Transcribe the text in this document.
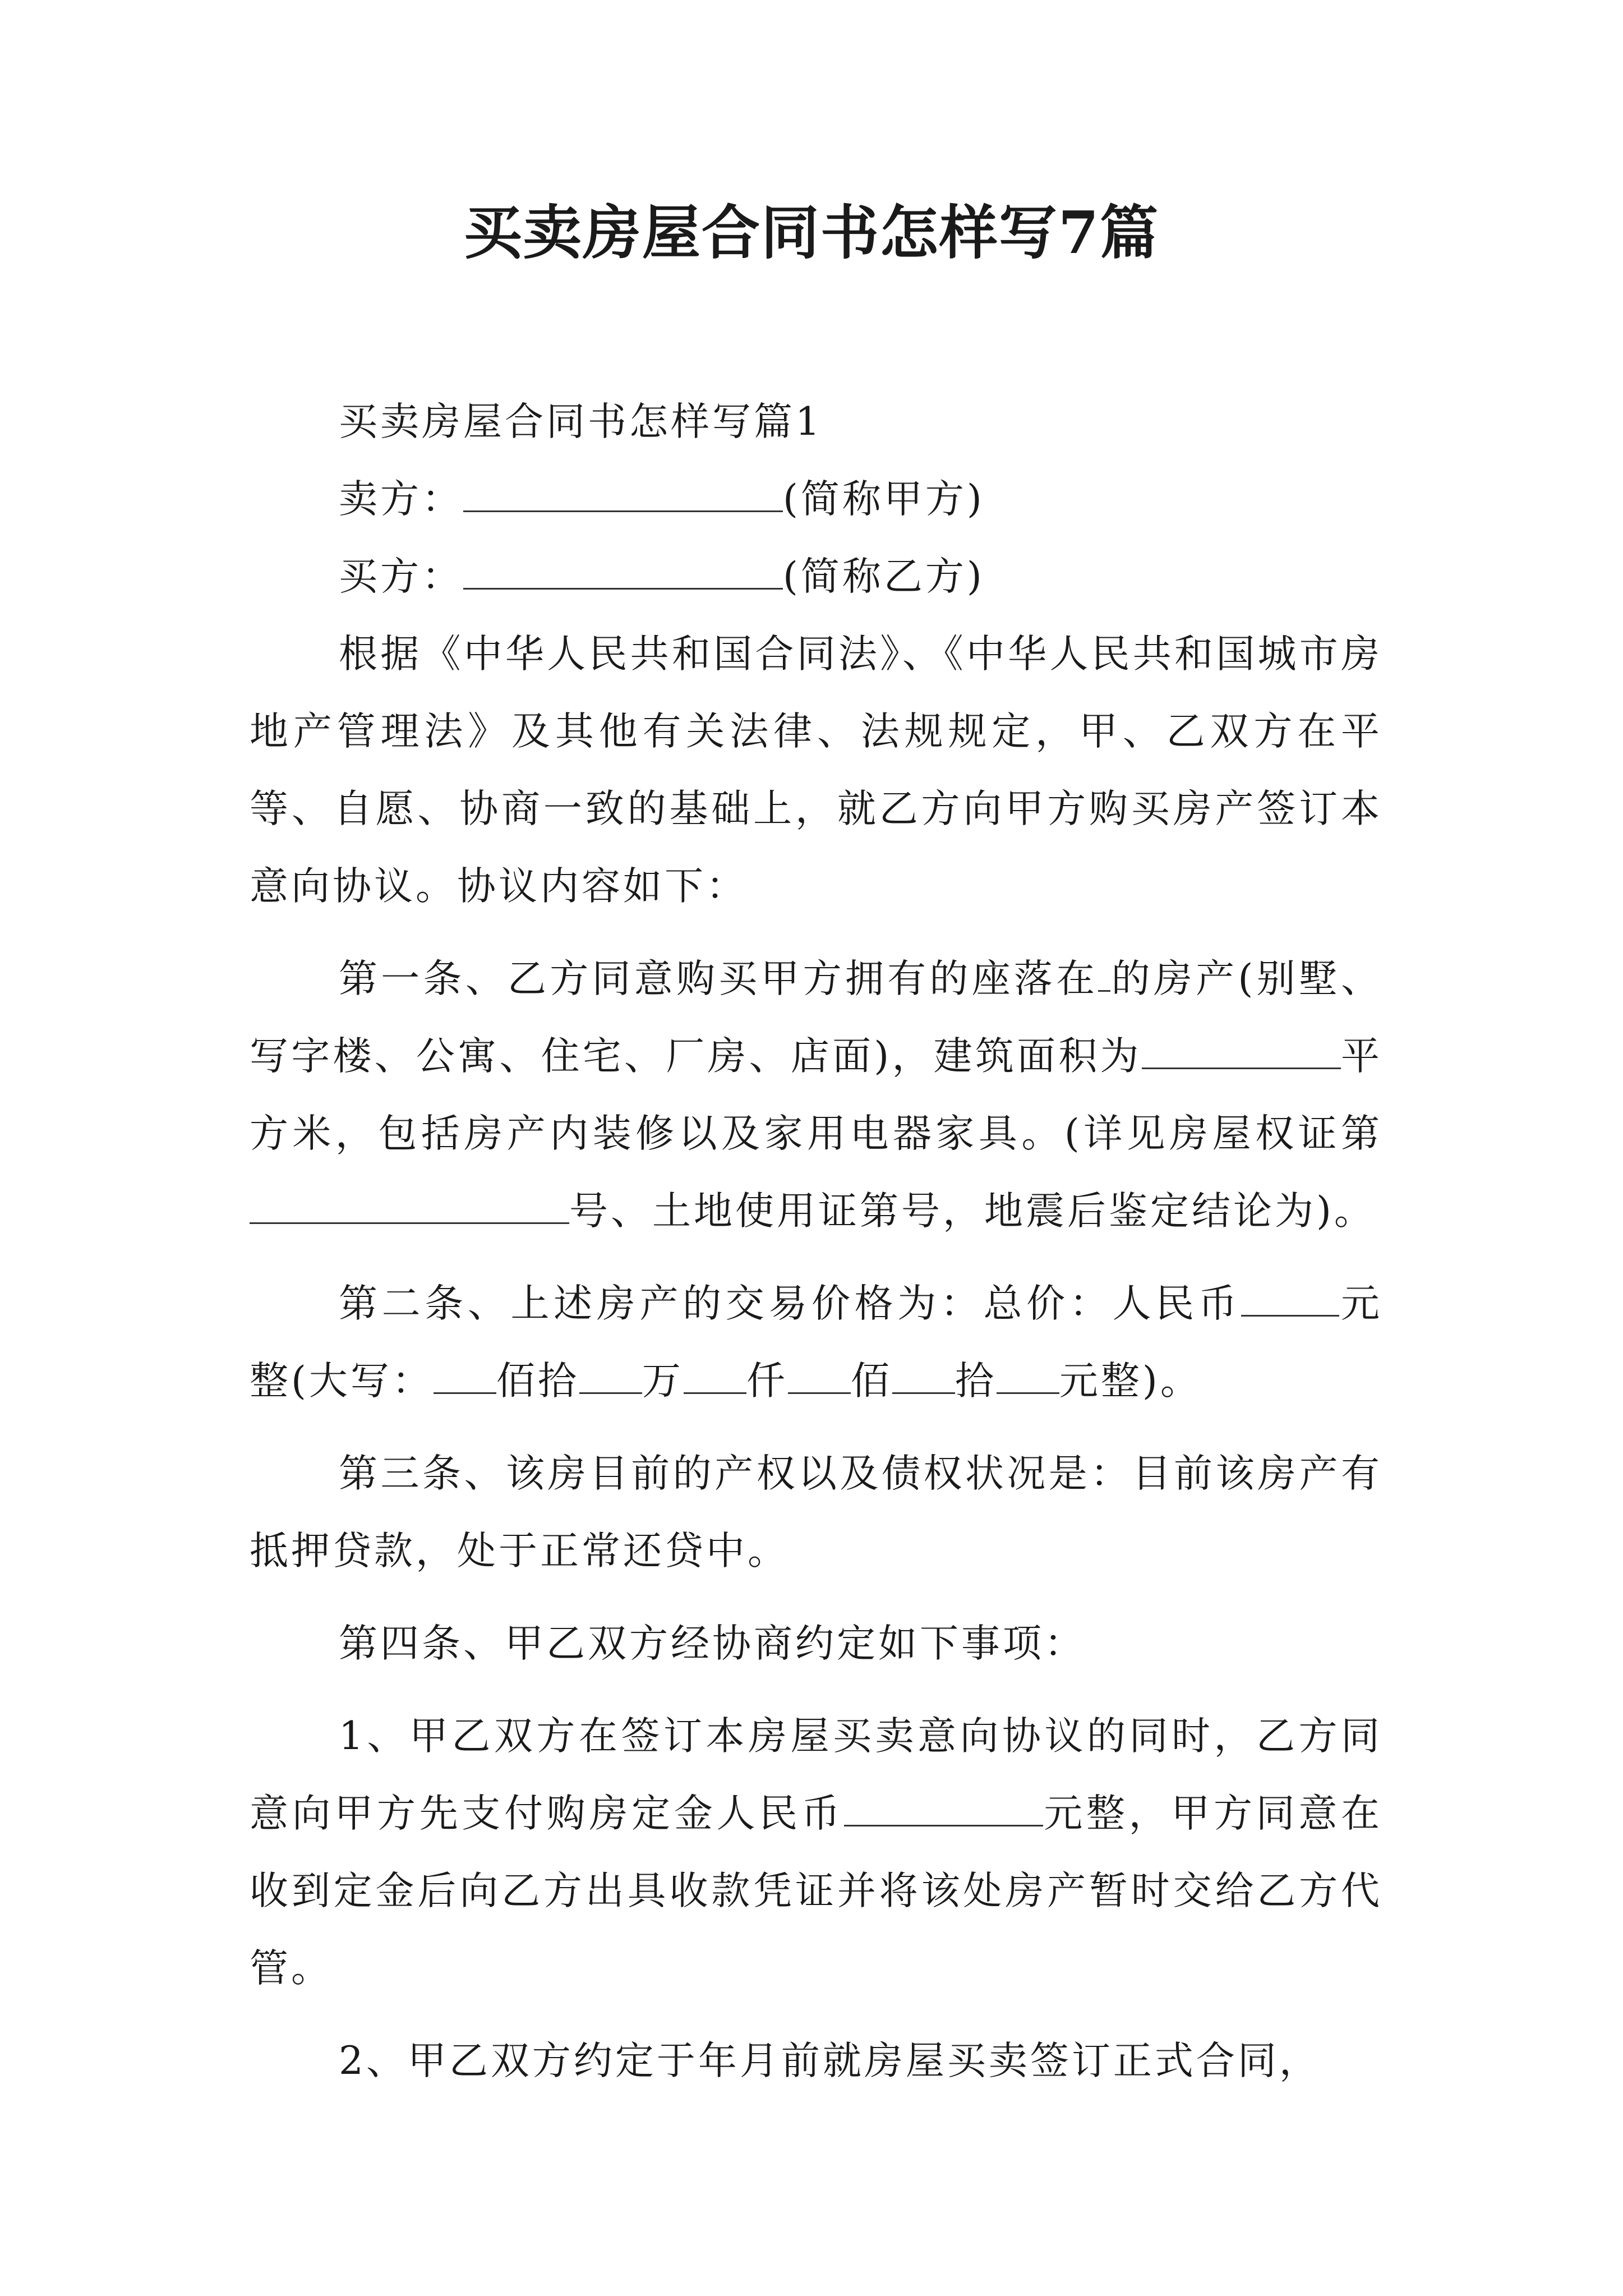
买卖房屋合同书怎样写7篇

买卖房屋合同书怎样写篇1

卖方：	(简称甲方)

买方：	(简称乙方)

根据《中华人民共和国合同法》、《中华人民共和国城市房地产管理法》及其他有关法律、法规规定，甲、乙双方在平等、自愿、协商一致的基础上，就乙方向甲方购买房产签订本意向协议。协议内容如下：

第一条、乙方同意购买甲方拥有的座落在 的房产(别墅、写字楼、公寓、住宅、厂房、店面)，建筑面积为	平方米，包括房产内装修以及家用电器家具。(详见房屋权证第号、土地使用证第号，地震后鉴定结论为)。

第二条、上述房产的交易价格为：总价：人民币	元整(大写： 佰拾 万 仟 佰 拾 元整)。

第三条、该房目前的产权以及债权状况是：目前该房产有抵押贷款，处于正常还贷中。

第四条、甲乙双方经协商约定如下事项：

1、甲乙双方在签订本房屋买卖意向协议的同时，乙方同意向甲方先支付购房定金人民币	元整，甲方同意在收到定金后向乙方出具收款凭证并将该处房产暂时交给乙方代管。

2、甲乙双方约定于年月前就房屋买卖签订正式合同，
